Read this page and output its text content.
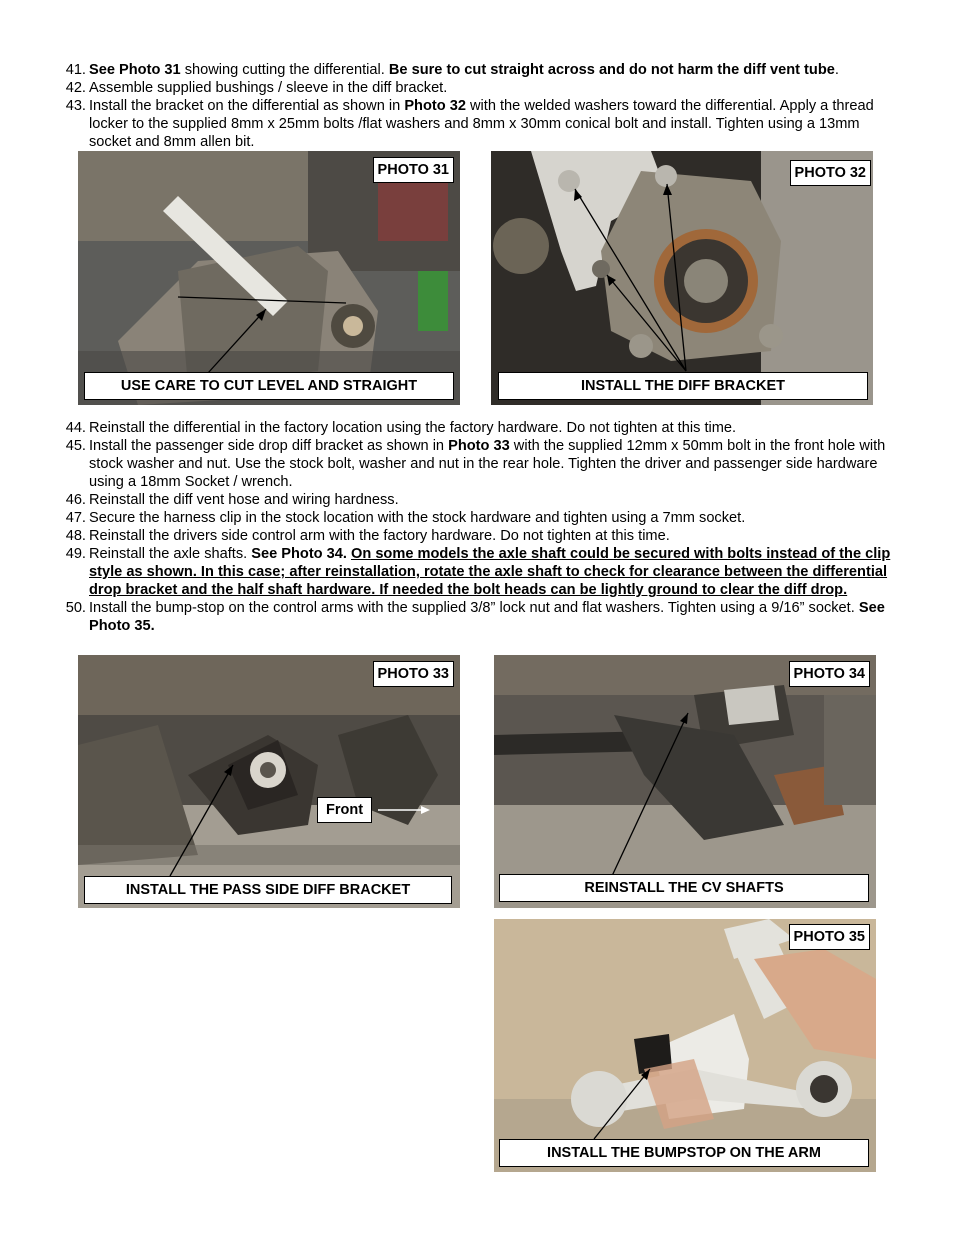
41. See Photo 31 showing cutting the differential. Be sure to cut straight across and do not harm the diff vent tube.
42. Assemble supplied bushings / sleeve in the diff bracket.
43. Install the bracket on the differential as shown in Photo 32 with the welded washers toward the differential. Apply a thread locker to the supplied 8mm x 25mm bolts /flat washers and 8mm x 30mm conical bolt and install. Tighten using a 13mm socket and 8mm allen bit.
44. Reinstall the differential in the factory location using the factory hardware. Do not tighten at this time.
45. Install the passenger side drop diff bracket as shown in Photo 33 with the supplied 12mm x 50mm bolt in the front hole with stock washer and nut. Use the stock bolt, washer and nut in the rear hole. Tighten the driver and passenger side hardware using a 18mm Socket / wrench.
46. Reinstall the diff vent hose and wiring hardness.
47. Secure the harness clip in the stock location with the stock hardware and tighten using a 7mm socket.
48. Reinstall the drivers side control arm with the factory hardware. Do not tighten at this time.
49. Reinstall the axle shafts. See Photo 34. On some models the axle shaft could be secured with bolts instead of the clip style as shown. In this case; after reinstallation, rotate the axle shaft to check for clearance between the differential drop bracket and the half shaft hardware. If needed the bolt heads can be lightly ground to clear the diff drop.
50. Install the bump-stop on the control arms with the supplied 3/8” lock nut and flat washers. Tighten using a 9/16” socket. See Photo 35.
PHOTO 31
USE CARE TO CUT LEVEL AND STRAIGHT
PHOTO 32
INSTALL THE DIFF BRACKET
PHOTO 33
Front
INSTALL THE PASS SIDE DIFF BRACKET
PHOTO 34
REINSTALL THE CV SHAFTS
PHOTO 35
INSTALL THE BUMPSTOP ON THE ARM
